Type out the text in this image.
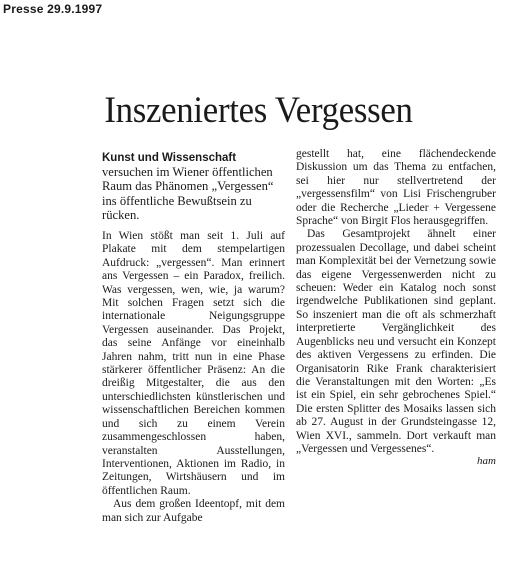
Presse 29.9.1997
Inszeniertes Vergessen

Kunst und Wissenschaft versuchen im Wiener öffentlichen Raum das Phänomen „Vergessen“ ins öffentliche Bewußtsein zu rücken.

In Wien stößt man seit 1. Juli auf Plakate mit dem stempelartigen Aufdruck: „vergessen“. Man erinnert ans Vergessen – ein Paradox, freilich. Was vergessen, wen, wie, ja warum? Mit solchen Fragen setzt sich die internationale Neigungsgruppe Vergessen auseinander. Das Projekt, das seine Anfänge vor eineinhalb Jahren nahm, tritt nun in eine Phase stärkerer öffentlicher Präsenz: An die dreißig Mitgestalter, die aus den unterschiedlichsten künstlerischen und wissenschaftlichen Bereichen kommen und sich zu einem Verein zusammengeschlossen haben, veranstalten Ausstellungen, Interventionen, Aktionen im Radio, in Zeitungen, Wirtshäusern und im öffentlichen Raum.

Aus dem großen Ideentopf, mit dem man sich zur Aufgabe

gestellt hat, eine flächendeckende Diskussion um das Thema zu entfachen, sei hier nur stellvertretend der „vergessensfilm“ von Lisi Frischengruber oder die Recherche „Lieder + Vergessene Sprache“ von Birgit Flos herausgegriffen.

Das Gesamtprojekt ähnelt einer prozessualen Decollage, und dabei scheint man Komplexität bei der Vernetzung sowie das eigene Vergessenwerden nicht zu scheuen: Weder ein Katalog noch sonst irgendwelche Publikationen sind geplant. So inszeniert man die oft als schmerzhaft interpretierte Vergänglichkeit des Augenblicks neu und versucht ein Konzept des aktiven Vergessens zu erfinden. Die Organisatorin Rike Frank charakterisiert die Veranstaltungen mit den Worten: „Es ist ein Spiel, ein sehr gebrochenes Spiel.“ Die ersten Splitter des Mosaiks lassen sich ab 27. August in der Grundsteingasse 12, Wien XVI., sammeln. Dort verkauft man „Vergessen und Vergessenes“.

ham
